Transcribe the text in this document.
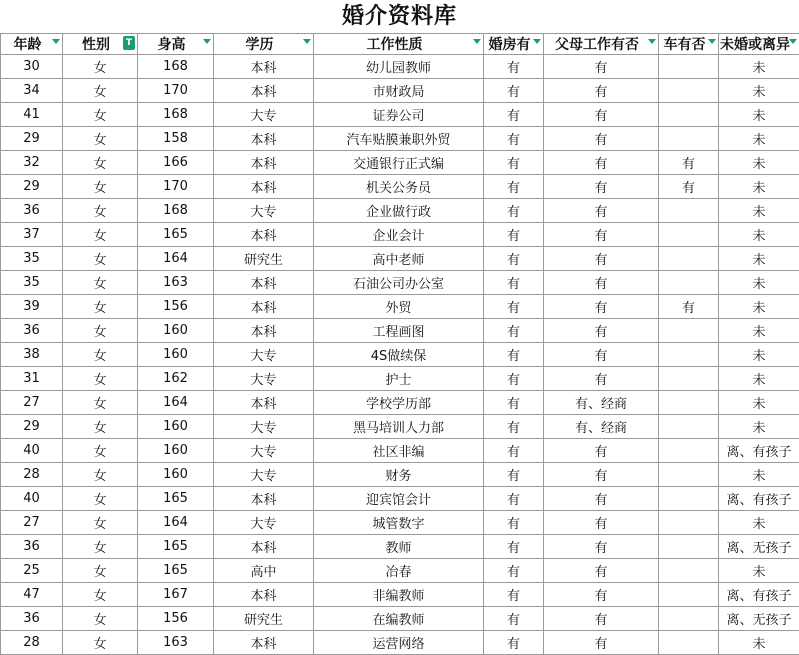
婚介资料库
年龄	性别 T	身高	学历	工作性质	婚房有	父母工作有否	车有否	未婚或离异

30	女	168	本科	幼儿园教师	有	有		未
34	女	170	本科	市财政局	有	有		未
41	女	168	大专	证券公司	有	有		未
29	女	158	本科	汽车贴膜兼职外贸	有	有		未
32	女	166	本科	交通银行正式编	有	有	有	未
29	女	170	本科	机关公务员	有	有	有	未
36	女	168	大专	企业做行政	有	有		未
37	女	165	本科	企业会计	有	有		未
35	女	164	研究生	高中老师	有	有		未
35	女	163	本科	石油公司办公室	有	有		未
39	女	156	本科	外贸	有	有	有	未
36	女	160	本科	工程画图	有	有		未
38	女	160	大专	4S做续保	有	有		未
31	女	162	大专	护士	有	有		未
27	女	164	本科	学校学历部	有	有、经商		未
29	女	160	大专	黑马培训人力部	有	有、经商		未
40	女	160	大专	社区非编	有	有		离、有孩子
28	女	160	大专	财务	有	有		未
40	女	165	本科	迎宾馆会计	有	有		离、有孩子
27	女	164	大专	城管数字	有	有		未
36	女	165	本科	教师	有	有		离、无孩子
25	女	165	高中	冶春	有	有		未
47	女	167	本科	非编教师	有	有		离、有孩子
36	女	156	研究生	在编教师	有	有		离、无孩子
28	女	163	本科	运营网络	有	有		未
